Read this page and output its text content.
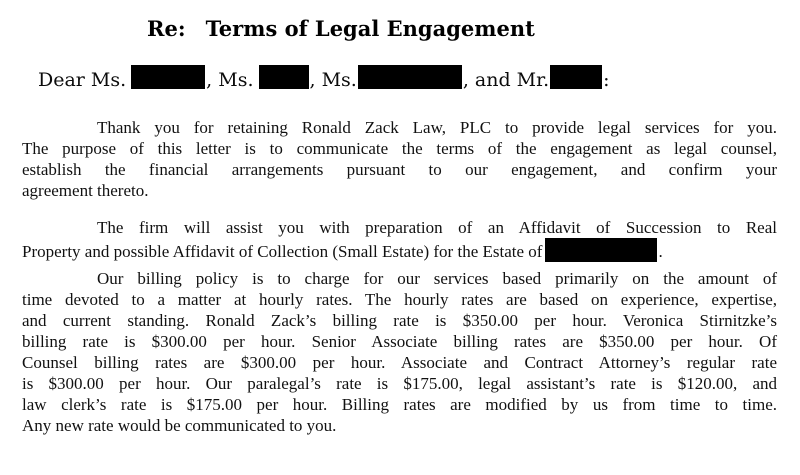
Re: Terms of Legal Engagement
Dear Ms.	, Ms.	, Ms.	, and Mr.	:
Thank you for retaining Ronald Zack Law, PLC to provide legal services for you.
The purpose of this letter is to communicate the terms of the engagement as legal counsel,
establish the financial arrangements pursuant to our engagement, and confirm your
agreement thereto.
The firm will assist you with preparation of an Affidavit of Succession to Real
Property and possible Affidavit of Collection (Small Estate) for the Estate of	.
Our billing policy is to charge for our services based primarily on the amount of
time devoted to a matter at hourly rates. The hourly rates are based on experience, expertise,
and current standing. Ronald Zack’s billing rate is $350.00 per hour. Veronica Stirnitzke’s
billing rate is $300.00 per hour. Senior Associate billing rates are $350.00 per hour. Of
Counsel billing rates are $300.00 per hour. Associate and Contract Attorney’s regular rate
is $300.00 per hour. Our paralegal’s rate is $175.00, legal assistant’s rate is $120.00, and
law clerk’s rate is $175.00 per hour. Billing rates are modified by us from time to time.
Any new rate would be communicated to you.
